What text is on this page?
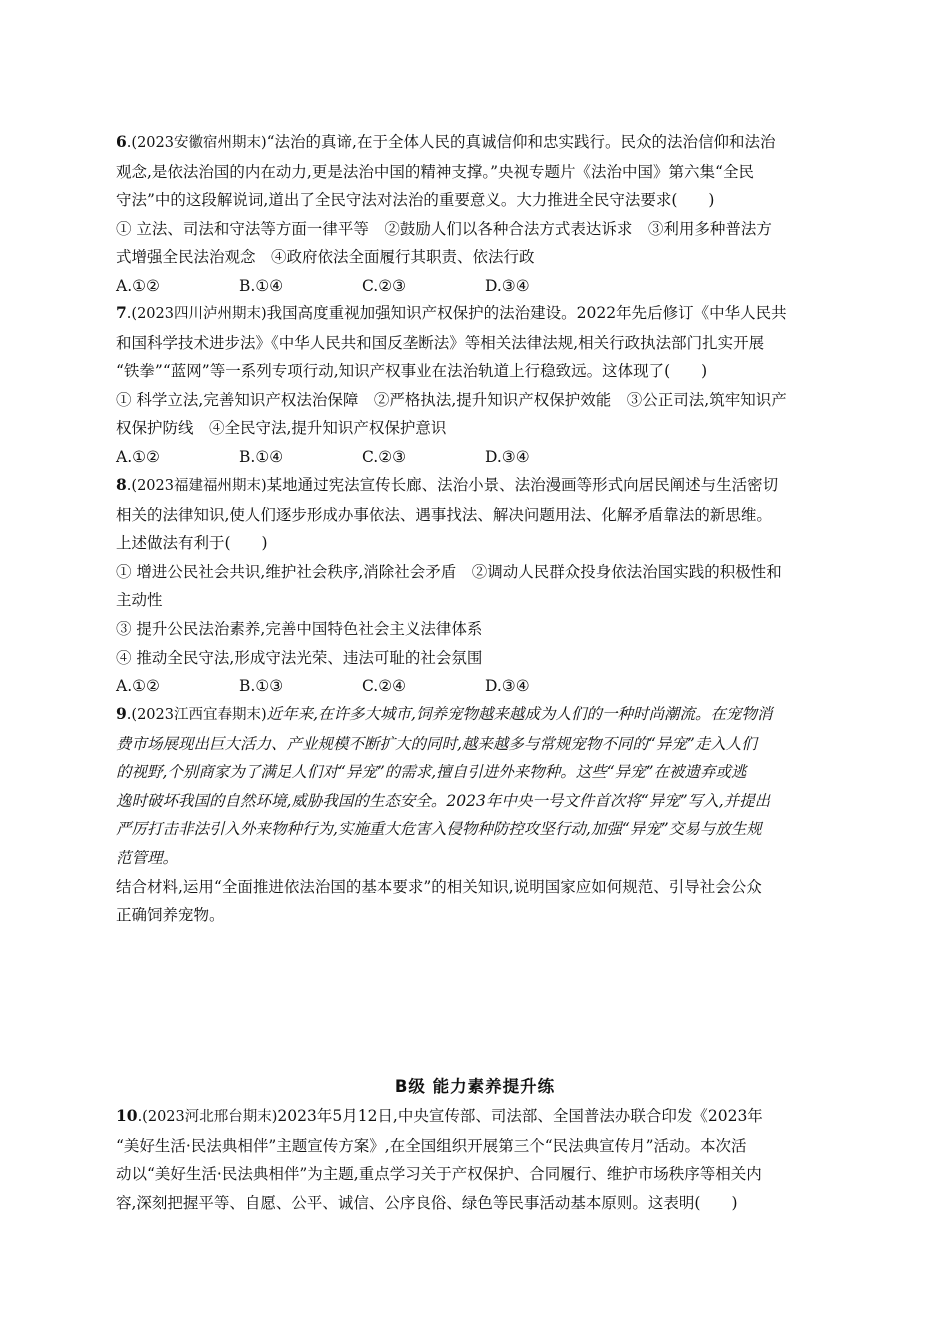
6.(2023安徽宿州期末)“法治的真谛,在于全体人民的真诚信仰和忠实践行。民众的法治信仰和法治

观念,是依法治国的内在动力,更是法治中国的精神支撑。”央视专题片《法治中国》第六集“全民

守法”中的这段解说词,道出了全民守法对法治的重要意义。大力推进全民守法要求(　　)

① 立法、司法和守法等方面一律平等　②鼓励人们以各种合法方式表达诉求　③利用多种普法方

式增强全民法治观念　④政府依法全面履行其职责、依法行政

A.①②	B.①④	C.②③	D.③④

7.(2023四川泸州期末)我国高度重视加强知识产权保护的法治建设。2022年先后修订《中华人民共

和国科学技术进步法》《中华人民共和国反垄断法》等相关法律法规,相关行政执法部门扎实开展

“铁拳”“蓝网”等一系列专项行动,知识产权事业在法治轨道上行稳致远。这体现了(　　)

① 科学立法,完善知识产权法治保障　②严格执法,提升知识产权保护效能　③公正司法,筑牢知识产

权保护防线　④全民守法,提升知识产权保护意识

A.①②	B.①④	C.②③	D.③④

8.(2023福建福州期末)某地通过宪法宣传长廊、法治小景、法治漫画等形式向居民阐述与生活密切

相关的法律知识,使人们逐步形成办事依法、遇事找法、解决问题用法、化解矛盾靠法的新思维。

上述做法有利于(　　)

① 增进公民社会共识,维护社会秩序,消除社会矛盾　②调动人民群众投身依法治国实践的积极性和

主动性

③ 提升公民法治素养,完善中国特色社会主义法律体系

④ 推动全民守法,形成守法光荣、违法可耻的社会氛围

A.①②	B.①③	C.②④	D.③④

9.(2023江西宜春期末)近年来,在许多大城市,饲养宠物越来越成为人们的一种时尚潮流。在宠物消

费市场展现出巨大活力、产业规模不断扩大的同时,越来越多与常规宠物不同的“异宠”走入人们

的视野,个别商家为了满足人们对“异宠”的需求,擅自引进外来物种。这些“异宠”在被遗弃或逃

逸时破坏我国的自然环境,威胁我国的生态安全。2023年中央一号文件首次将“异宠”写入,并提出

严厉打击非法引入外来物种行为,实施重大危害入侵物种防控攻坚行动,加强“异宠”交易与放生规

范管理。

结合材料,运用“全面推进依法治国的基本要求”的相关知识,说明国家应如何规范、引导社会公众

正确饲养宠物。

B级 能力素养提升练

10.(2023河北邢台期末)2023年5月12日,中央宣传部、司法部、全国普法办联合印发《2023年

“美好生活·民法典相伴”主题宣传方案》,在全国组织开展第三个“民法典宣传月”活动。本次活

动以“美好生活·民法典相伴”为主题,重点学习关于产权保护、合同履行、维护市场秩序等相关内

容,深刻把握平等、自愿、公平、诚信、公序良俗、绿色等民事活动基本原则。这表明(　　)
